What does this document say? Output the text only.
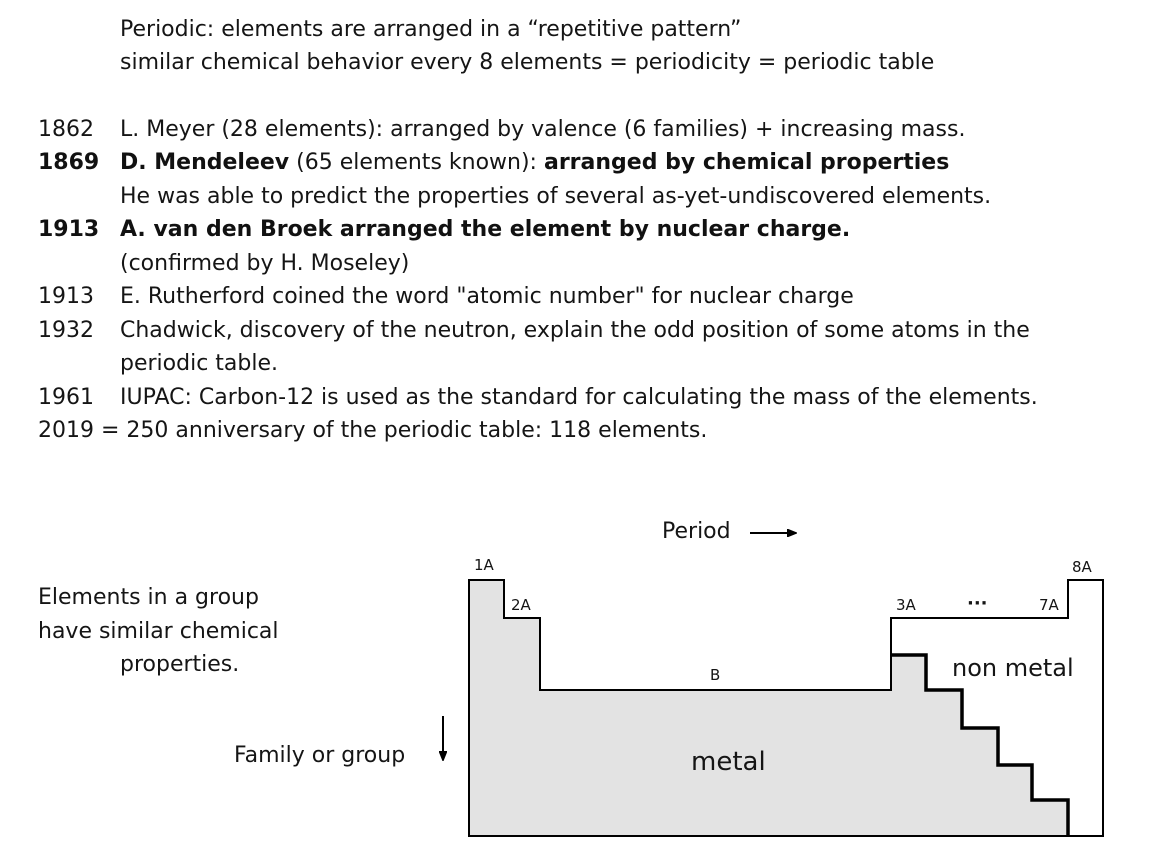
Periodic: elements are arranged in a “repetitive pattern”
similar chemical behavior every 8 elements = periodicity = periodic table
1862 L. Meyer (28 elements): arranged by valence (6 families) + increasing mass.
1869 D. Mendeleev (65 elements known): arranged by chemical properties
He was able to predict the properties of several as-yet-undiscovered elements.
1913 A. van den Broek arranged the element by nuclear charge.
(confirmed by H. Moseley)
1913 E. Rutherford coined the word "atomic number" for nuclear charge
1932 Chadwick, discovery of the neutron, explain the odd position of some atoms in the
periodic table.
1961 IUPAC: Carbon-12 is used as the standard for calculating the mass of the elements.
2019 = 250 anniversary of the periodic table: 118 elements.
Elements in a group
have similar chemical
properties.
Period
Family or group
1A
2A
B
3A	···	7A
8A
metal
non metal
